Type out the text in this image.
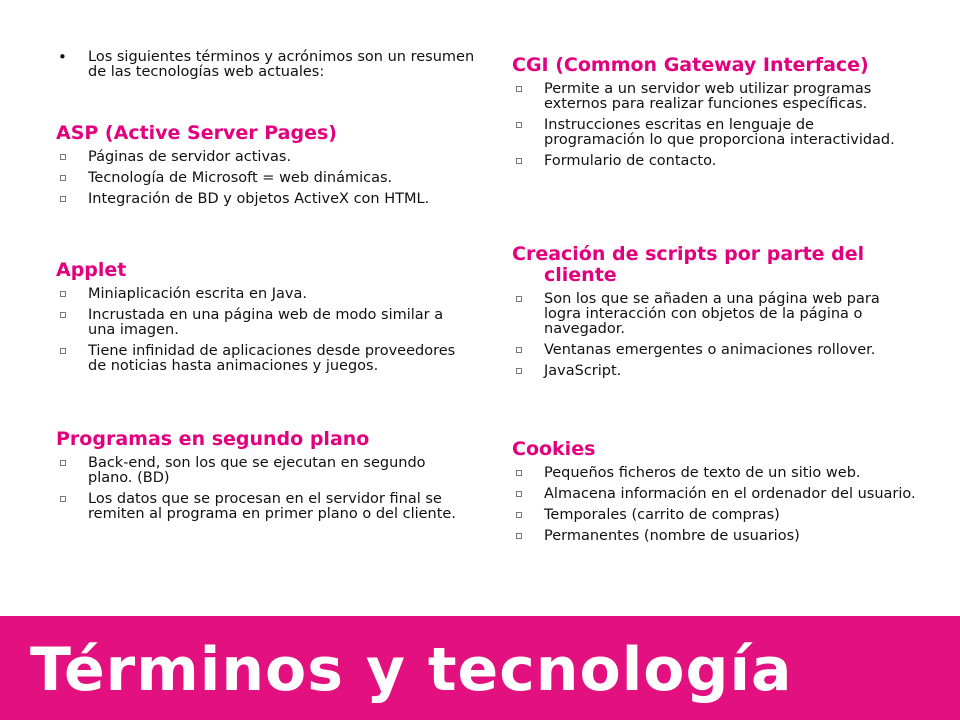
• Los siguientes términos y acrónimos son un resumen de las tecnologías web actuales:
ASP (Active Server Pages)
Páginas de servidor activas.
Tecnología de Microsoft = web dinámicas.
Integración de BD y objetos ActiveX con HTML.
Applet
Miniaplicación escrita en Java.
Incrustada en una página web de modo similar a una imagen.
Tiene infinidad de aplicaciones desde proveedores de noticias hasta animaciones y juegos.
Programas en segundo plano
Back-end, son los que se ejecutan en segundo plano. (BD)
Los datos que se procesan en el servidor final se remiten al programa en primer plano o del cliente.
CGI (Common Gateway Interface)
Permite a un servidor web utilizar programas externos para realizar funciones específicas.
Instrucciones escritas en lenguaje de programación lo que proporciona interactividad.
Formulario de contacto.
Creación de scripts por parte del cliente
Son los que se añaden a una página web para logra interacción con objetos de la página o navegador.
Ventanas emergentes o animaciones rollover.
JavaScript.
Cookies
Pequeños ficheros de texto de un sitio web.
Almacena información en el ordenador del usuario.
Temporales (carrito de compras)
Permanentes (nombre de usuarios)
Términos y tecnología
